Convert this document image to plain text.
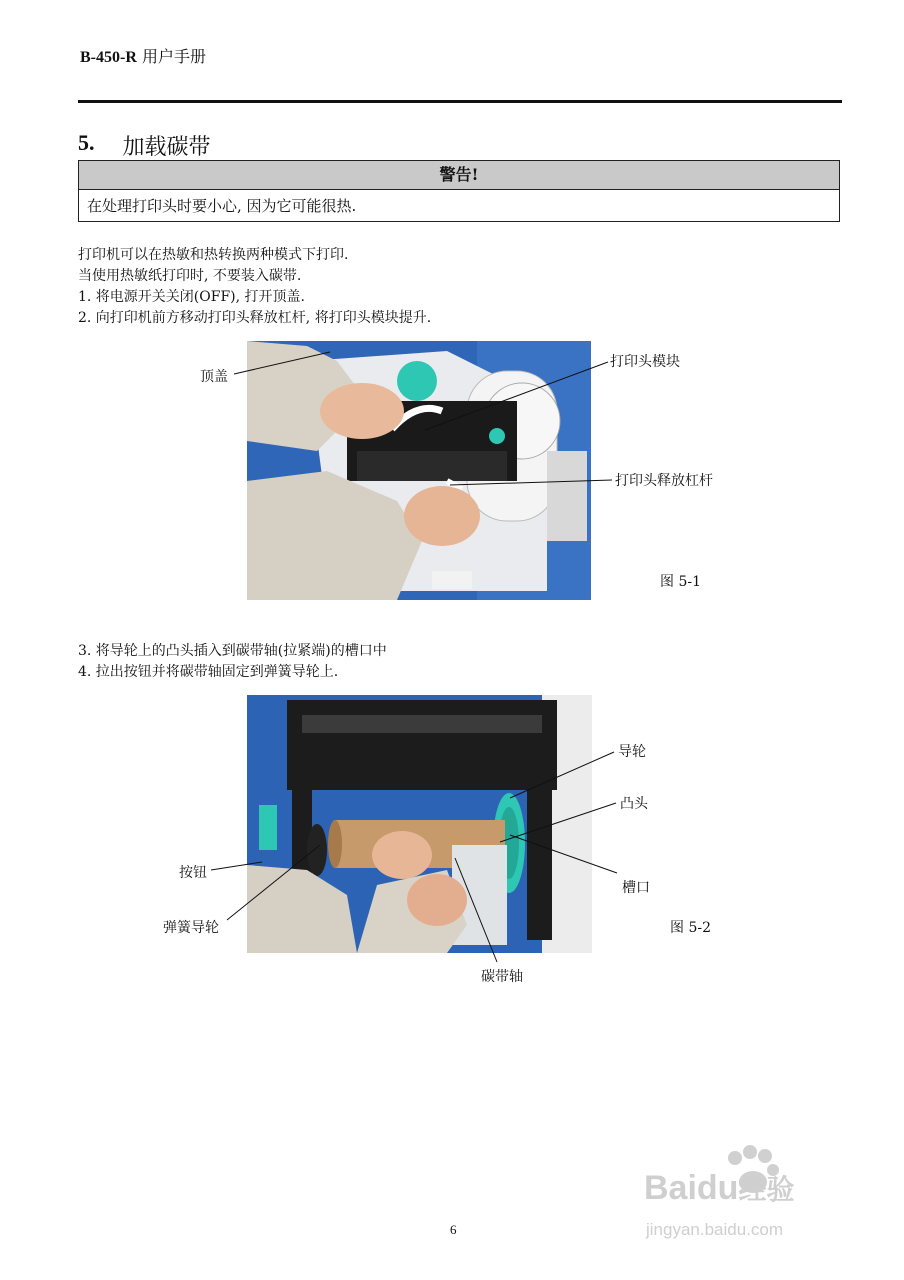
B-450-R 用户手册
5. 加载碳带
警告!
在处理打印头时要小心, 因为它可能很热.
打印机可以在热敏和热转换两种模式下打印.
当使用热敏纸打印时, 不要装入碳带.
1. 将电源开关关闭(OFF), 打开顶盖.
2. 向打印机前方移动打印头释放杠杆, 将打印头模块提升.
顶盖
打印头模块
打印头释放杠杆
图 5-1
3. 将导轮上的凸头插入到碳带轴(拉紧端)的槽口中
4. 拉出按钮并将碳带轴固定到弹簧导轮上.
导轮
凸头
槽口
按钮
弹簧导轮
碳带轴
图 5-2
6
Baidu经验
jingyan.baidu.com
